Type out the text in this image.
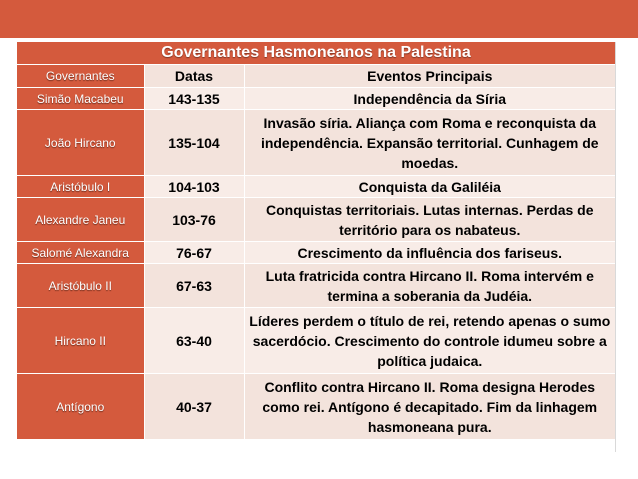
Governantes Hasmoneanos na Palestina		
Governantes	Datas	Eventos Principais
Simão Macabeu	143-135	Independência da Síria
João Hircano	135-104	Invasão síria. Aliança com Roma e reconquista da independência. Expansão territorial. Cunhagem de moedas.
Aristóbulo I	104-103	Conquista da Galiléia
Alexandre Janeu	103-76	Conquistas territoriais. Lutas internas. Perdas de território para os nabateus.
Salomé Alexandra	76-67	Crescimento da influência dos fariseus.
Aristóbulo II	67-63	Luta fratricida contra Hircano II. Roma intervém e termina a soberania da Judéia.
Hircano II	63-40	Líderes perdem o título de rei, retendo apenas o sumo sacerdócio. Crescimento do controle idumeu sobre a política judaica.
Antígono	40-37	Conflito contra Hircano II. Roma designa Herodes como rei. Antígono é decapitado. Fim da linhagem hasmoneana pura.
